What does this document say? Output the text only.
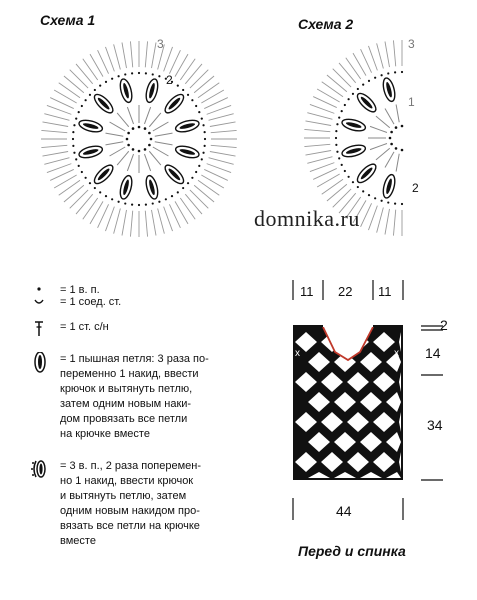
Схема 1	Схема 2
3
2
3
1
2
domnika.ru
= 1 в. п.
= 1 соед. ст.
= 1 ст. с/н
= 1 пышная петля: 3 раза по-
переменно 1 накид, ввести
крючок и вытянуть петлю,
затем одним новым наки-
дом провязать все петли
на крючке вместе
= 3 в. п., 2 раза поперемен-
но 1 накид, ввести крючок
и вытянуть петлю, затем
одним новым накидом про-
вязать все петли на крючке
вместе
11 22 11
x	x
2
14
34
44
Перед и спинка
